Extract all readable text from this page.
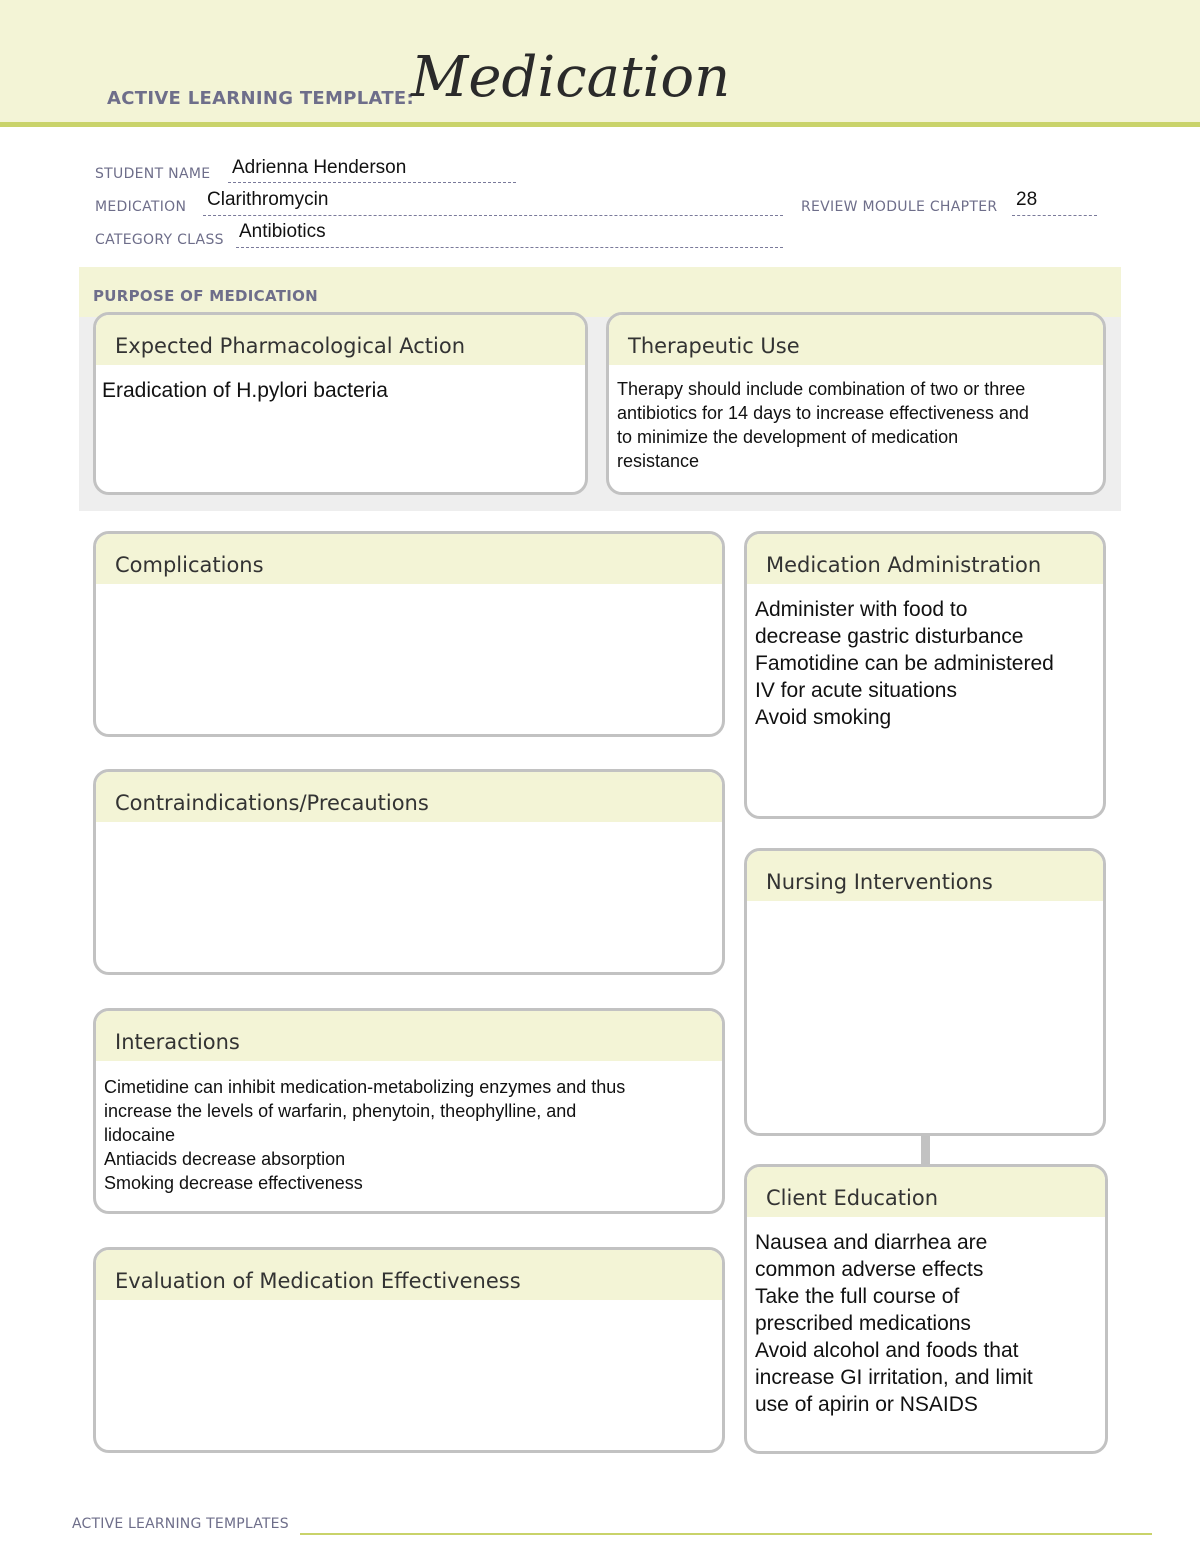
ACTIVE LEARNING TEMPLATE:
Medication
STUDENT NAME Adrienna Henderson
MEDICATION Clarithromycin	REVIEW MODULE CHAPTER 28
CATEGORY CLASS Antibiotics
PURPOSE OF MEDICATION
Expected Pharmacological Action
Eradication of H.pylori bacteria
Therapeutic Use
Therapy should include combination of two or three
antibiotics for 14 days to increase effectiveness and
to minimize the development of medication
resistance
Complications
Contraindications/Precautions
Interactions
Cimetidine can inhibit medication-metabolizing enzymes and thus
increase the levels of warfarin, phenytoin, theophylline, and
lidocaine
Antiacids decrease absorption
Smoking decrease effectiveness
Evaluation of Medication Effectiveness
Medication Administration
Administer with food to
decrease gastric disturbance
Famotidine can be administered
IV for acute situations
Avoid smoking
Nursing Interventions
Client Education
Nausea and diarrhea are
common adverse effects
Take the full course of
prescribed medications
Avoid alcohol and foods that
increase GI irritation, and limit
use of apirin or NSAIDS
ACTIVE LEARNING TEMPLATES
